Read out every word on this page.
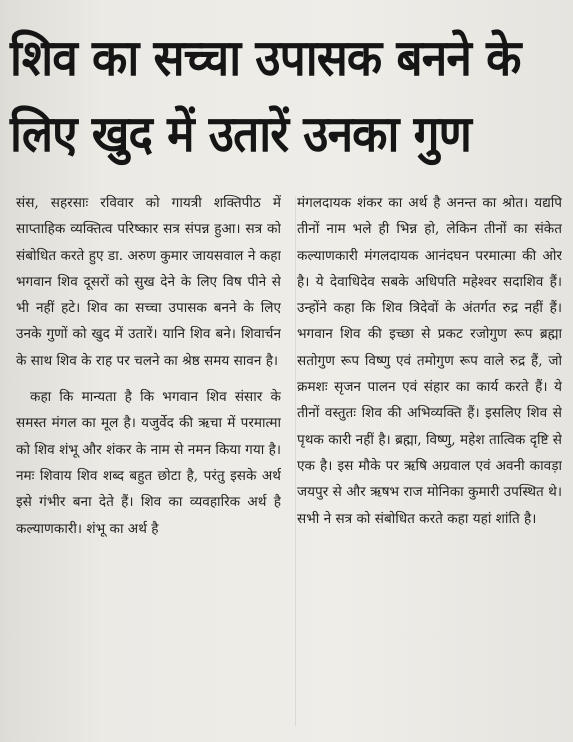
शिव का सच्चा उपासक बनने के
लिए खुद में उतारें उनका गुण

संस, सहरसाः रविवार को गायत्री शक्तिपीठ में साप्ताहिक व्यक्तित्व परिष्कार सत्र संपन्न हुआ। सत्र को संबोधित करते हुए डा. अरुण कुमार जायसवाल ने कहा भगवान शिव दूसरों को सुख देने के लिए विष पीने से भी नहीं हटे। शिव का सच्चा उपासक बनने के लिए उनके गुणों को खुद में उतारें। यानि शिव बने। शिवार्चन के साथ शिव के राह पर चलने का श्रेष्ठ समय सावन है।

कहा कि मान्यता है कि भगवान शिव संसार के समस्त मंगल का मूल है। यजुर्वेद की ऋचा में परमात्मा को शिव शंभू और शंकर के नाम से नमन किया गया है। नमः शिवाय शिव शब्द बहुत छोटा है, परंतु इसके अर्थ इसे गंभीर बना देते हैं। शिव का व्यवहारिक अर्थ है कल्याणकारी। शंभू का अर्थ है

मंगलदायक शंकर का अर्थ है अनन्त का श्रोत। यद्यपि तीनों नाम भले ही भिन्न हो, लेकिन तीनों का संकेत कल्याणकारी मंगलदायक आनंदघन परमात्मा की ओर है। ये देवाधिदेव सबके अधिपति महेश्वर सदाशिव हैं। उन्होंने कहा कि शिव त्रिदेवों के अंतर्गत रुद्र नहीं हैं। भगवान शिव की इच्छा से प्रकट रजोगुण रूप ब्रह्मा सतोगुण रूप विष्णु एवं तमोगुण रूप वाले रुद्र हैं, जो क्रमशः सृजन पालन एवं संहार का कार्य करते हैं। ये तीनों वस्तुतः शिव की अभिव्यक्ति हैं। इसलिए शिव से पृथक कारी नहीं है। ब्रह्मा, विष्णु, महेश तात्विक दृष्टि से एक है। इस मौके पर ऋषि अग्रवाल एवं अवनी कावड़ा जयपुर से और ऋषभ राज मोनिका कुमारी उपस्थित थे। सभी ने सत्र को संबोधित करते कहा यहां शांति है।
